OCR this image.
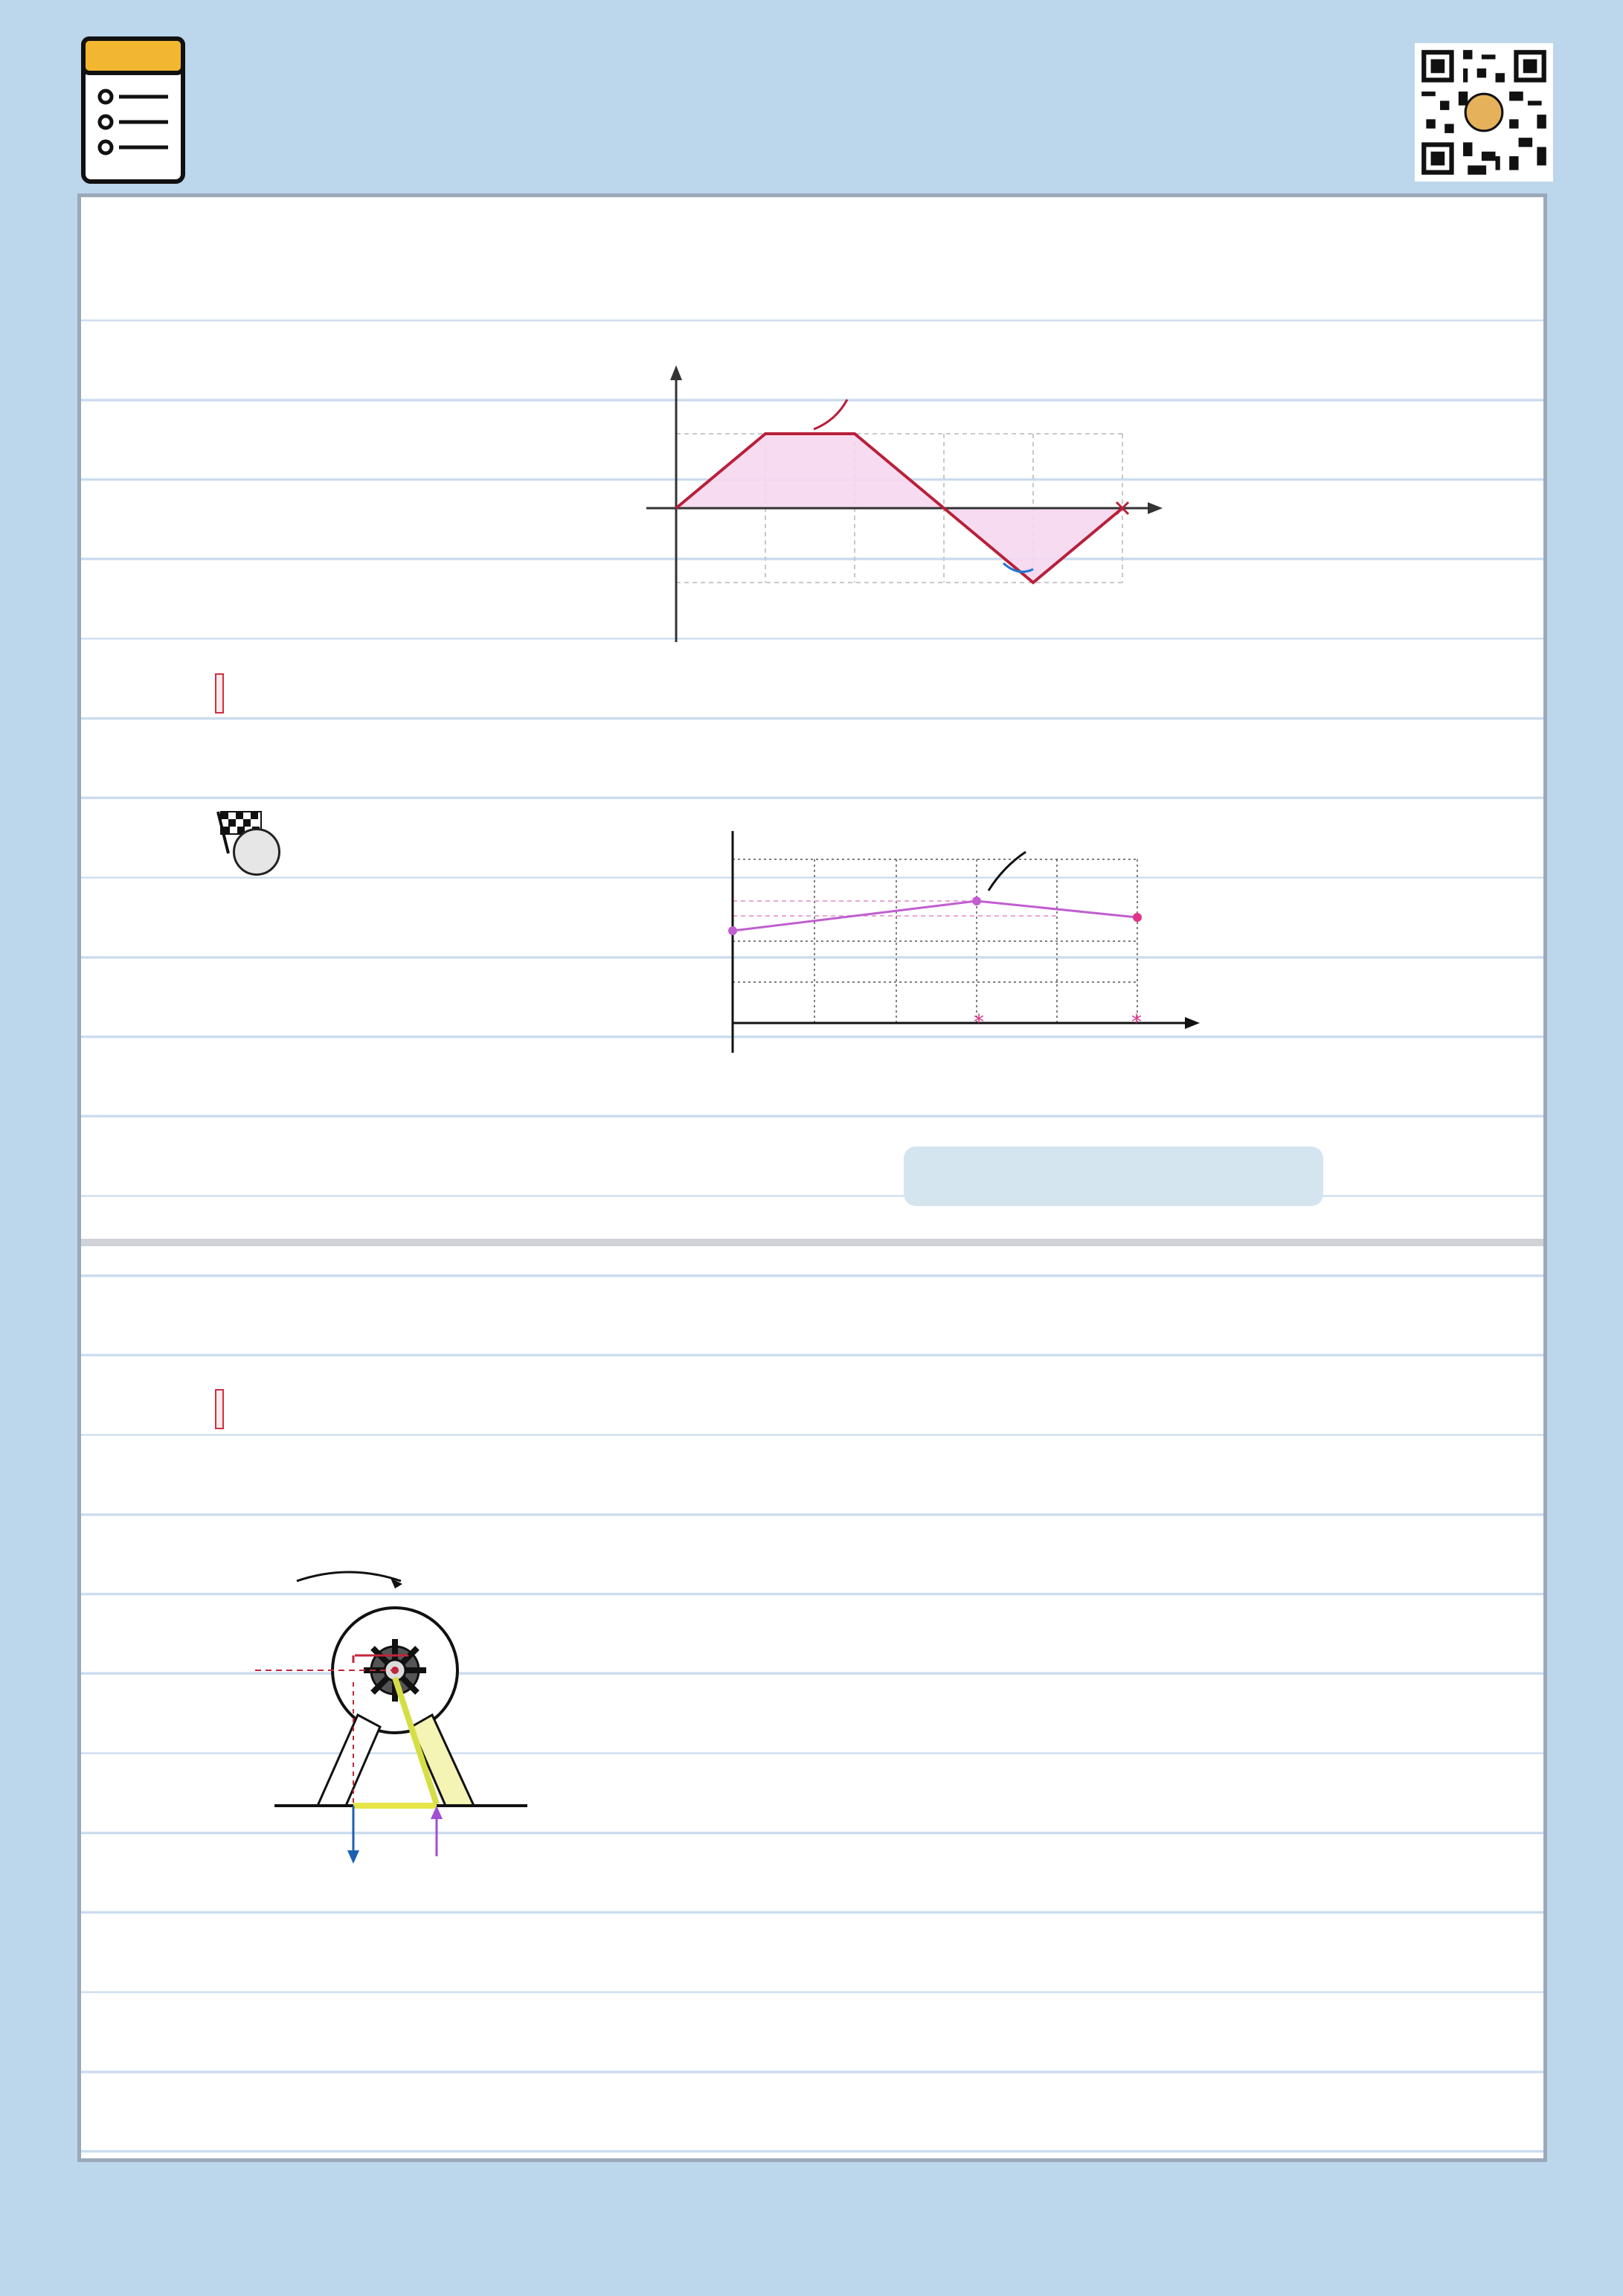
*	*
